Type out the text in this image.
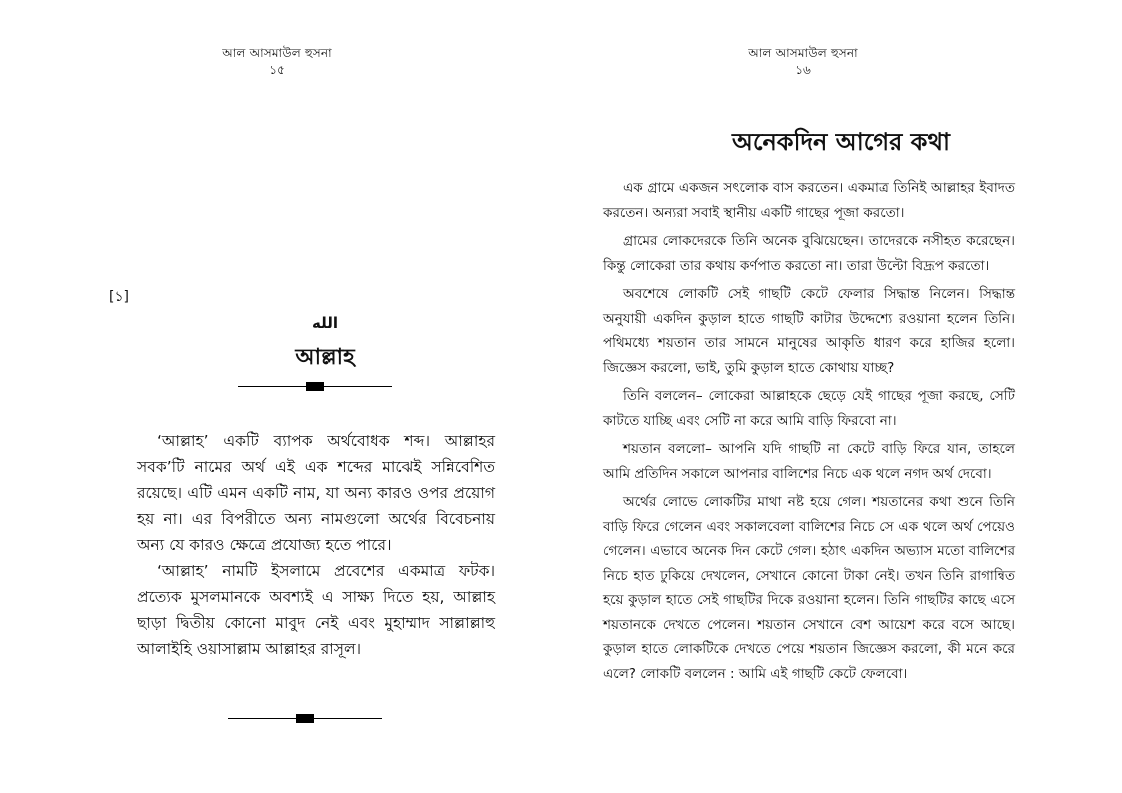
আল আসমাউল হুসনা
১৫
[১]
الله
আল্লাহ

‘আল্লাহ’ একটি ব্যাপক অর্থবোধক শব্দ। আল্লাহর সবক’টি নামের অর্থ এই এক শব্দের মাঝেই সন্নিবেশিত রয়েছে। এটি এমন একটি নাম, যা অন্য কারও ওপর প্রয়োগ হয় না। এর বিপরীতে অন্য নামগুলো অর্থের বিবেচনায় অন্য যে কারও ক্ষেত্রে প্রযোজ্য হতে পারে।

‘আল্লাহ’ নামটি ইসলামে প্রবেশের একমাত্র ফটক। প্রত্যেক মুসলমানকে অবশ্যই এ সাক্ষ্য দিতে হয়, আল্লাহ ছাড়া দ্বিতীয় কোনো মাবুদ নেই এবং মুহাম্মাদ সাল্লাল্লাহু আলাইহি ওয়াসাল্লাম আল্লাহর রাসূল।

আল আসমাউল হুসনা
১৬
অনেকদিন আগের কথা

এক গ্রামে একজন সৎলোক বাস করতেন। একমাত্র তিনিই আল্লাহর ইবাদত করতেন। অন্যরা সবাই স্থানীয় একটি গাছের পূজা করতো।

গ্রামের লোকদেরকে তিনি অনেক বুঝিয়েছেন। তাদেরকে নসীহত করেছেন। কিন্তু লোকেরা তার কথায় কর্ণপাত করতো না। তারা উল্টো বিদ্রূপ করতো।

অবশেষে লোকটি সেই গাছটি কেটে ফেলার সিদ্ধান্ত নিলেন। সিদ্ধান্ত অনুযায়ী একদিন কুড়াল হাতে গাছটি কাটার উদ্দেশ্যে রওয়ানা হলেন তিনি। পথিমধ্যে শয়তান তার সামনে মানুষের আকৃতি ধারণ করে হাজির হলো। জিজ্ঞেস করলো, ভাই, তুমি কুড়াল হাতে কোথায় যাচ্ছ?

তিনি বললেন– লোকেরা আল্লাহকে ছেড়ে যেই গাছের পূজা করছে, সেটি কাটতে যাচ্ছি এবং সেটি না করে আমি বাড়ি ফিরবো না।

শয়তান বললো– আপনি যদি গাছটি না কেটে বাড়ি ফিরে যান, তাহলে আমি প্রতিদিন সকালে আপনার বালিশের নিচে এক থলে নগদ অর্থ দেবো।

অর্থের লোভে লোকটির মাথা নষ্ট হয়ে গেল। শয়তানের কথা শুনে তিনি বাড়ি ফিরে গেলেন এবং সকালবেলা বালিশের নিচে সে এক থলে অর্থ পেয়েও গেলেন। এভাবে অনেক দিন কেটে গেল। হঠাৎ একদিন অভ্যাস মতো বালিশের নিচে হাত ঢুকিয়ে দেখলেন, সেখানে কোনো টাকা নেই। তখন তিনি রাগান্বিত হয়ে কুড়াল হাতে সেই গাছটির দিকে রওয়ানা হলেন। তিনি গাছটির কাছে এসে শয়তানকে দেখতে পেলেন। শয়তান সেখানে বেশ আয়েশ করে বসে আছে। কুড়াল হাতে লোকটিকে দেখতে পেয়ে শয়তান জিজ্ঞেস করলো, কী মনে করে এলে? লোকটি বললেন : আমি এই গাছটি কেটে ফেলবো।
